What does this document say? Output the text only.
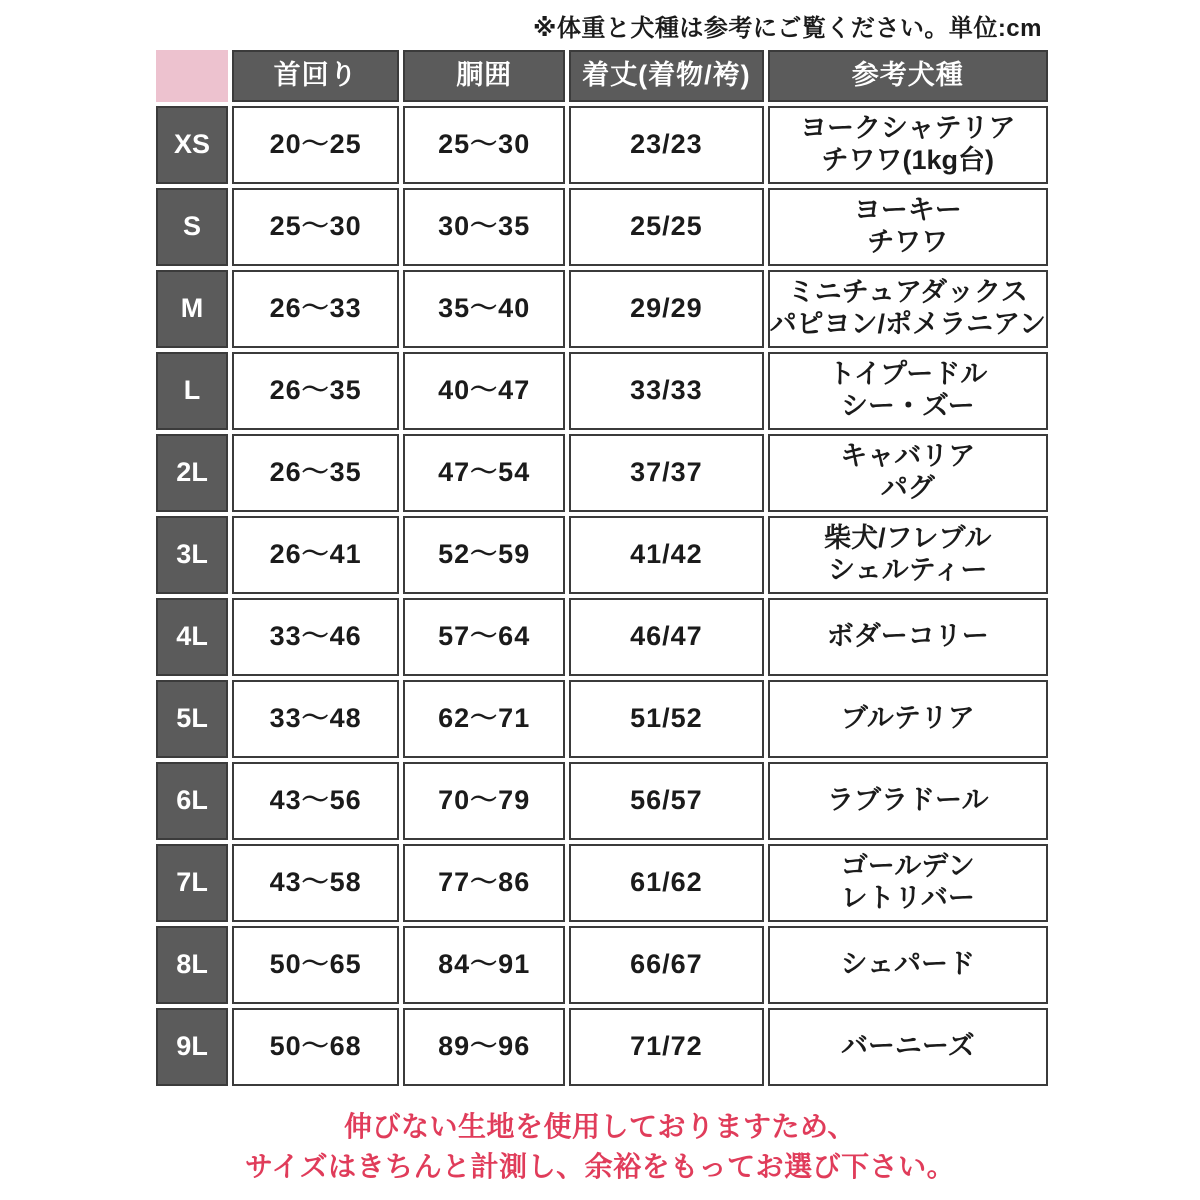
※体重と犬種は参考にご覧ください。単位:cm
	首回り	胴囲	着丈(着物/袴)	参考犬種
XS	20〜25	25〜30	23/23	ヨークシャテリア
チワワ(1kg台)

S	25〜30	30〜35	25/25	ヨーキー
チワワ

M	26〜33	35〜40	29/29	ミニチュアダックス
パピヨン/ポメラニアン

L	26〜35	40〜47	33/33	トイプードル
シー・ズー

2L	26〜35	47〜54	37/37	キャバリア
パグ

3L	26〜41	52〜59	41/42	柴犬/フレブル
シェルティー

4L	33〜46	57〜64	46/47	ボダーコリー

5L	33〜48	62〜71	51/52	ブルテリア

6L	43〜56	70〜79	56/57	ラブラドール

7L	43〜58	77〜86	61/62	ゴールデン
レトリバー

8L	50〜65	84〜91	66/67	シェパード

9L	50〜68	89〜96	71/72	バーニーズ
伸びない生地を使用しておりますため、
サイズはきちんと計測し、余裕をもってお選び下さい。
